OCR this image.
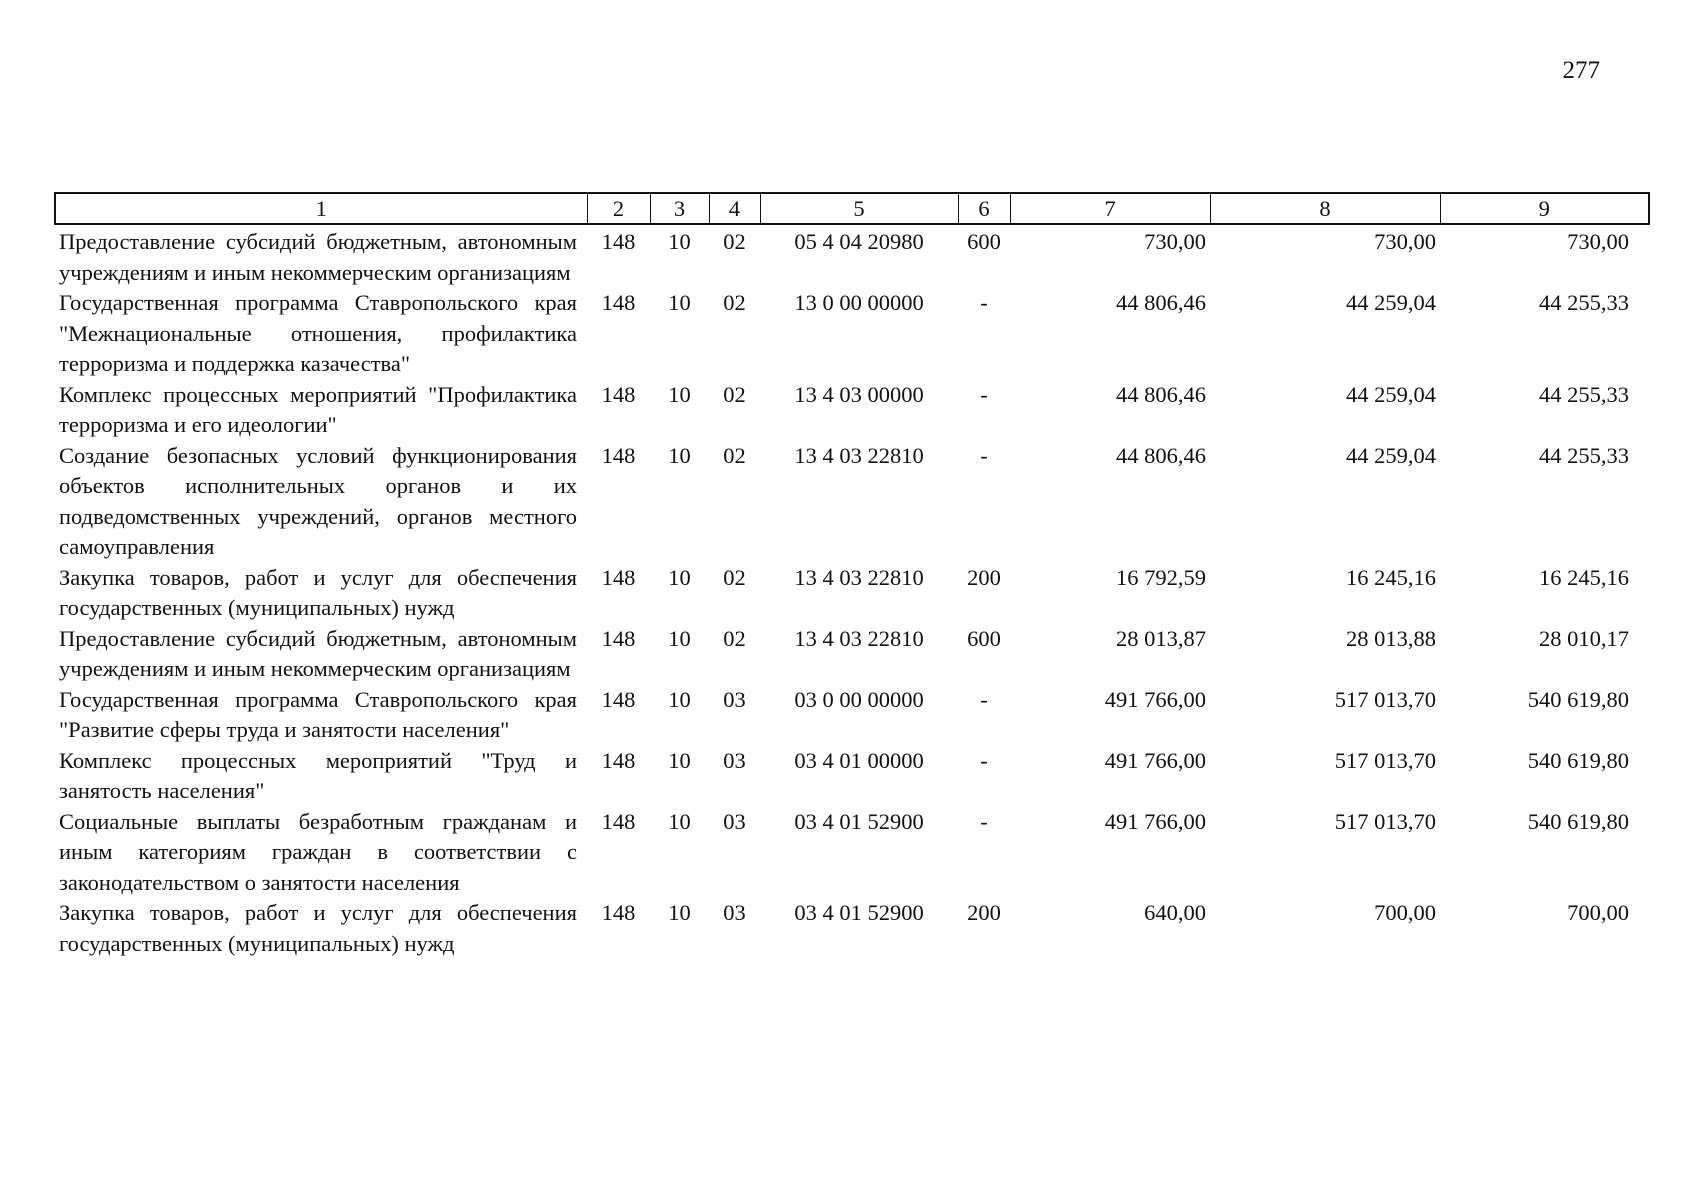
277
1	2	3	4	5	6	7	8	9
Предоставление субсидий бюджетным, автономным учреждениям и иным некоммерческим организациям	148	10	02	05 4 04 20980	600	730,00	730,00	730,00
Государственная программа Ставропольского края "Межнациональные отношения, профилактика терроризма и поддержка казачества"	148	10	02	13 0 00 00000	-	44 806,46	44 259,04	44 255,33
Комплекс процессных мероприятий "Профилактика терроризма и его идеологии"	148	10	02	13 4 03 00000	-	44 806,46	44 259,04	44 255,33
Создание безопасных условий функционирования объектов исполнительных органов и их подведомственных учреждений, органов местного самоуправления	148	10	02	13 4 03 22810	-	44 806,46	44 259,04	44 255,33
Закупка товаров, работ и услуг для обеспечения государственных (муниципальных) нужд	148	10	02	13 4 03 22810	200	16 792,59	16 245,16	16 245,16
Предоставление субсидий бюджетным, автономным учреждениям и иным некоммерческим организациям	148	10	02	13 4 03 22810	600	28 013,87	28 013,88	28 010,17
Государственная программа Ставропольского края "Развитие сферы труда и занятости населения"	148	10	03	03 0 00 00000	-	491 766,00	517 013,70	540 619,80
Комплекс процессных мероприятий "Труд и занятость населения"	148	10	03	03 4 01 00000	-	491 766,00	517 013,70	540 619,80
Социальные выплаты безработным гражданам и иным категориям граждан в соответствии с законодательством о занятости населения	148	10	03	03 4 01 52900	-	491 766,00	517 013,70	540 619,80
Закупка товаров, работ и услуг для обеспечения государственных (муниципальных) нужд	148	10	03	03 4 01 52900	200	640,00	700,00	700,00
